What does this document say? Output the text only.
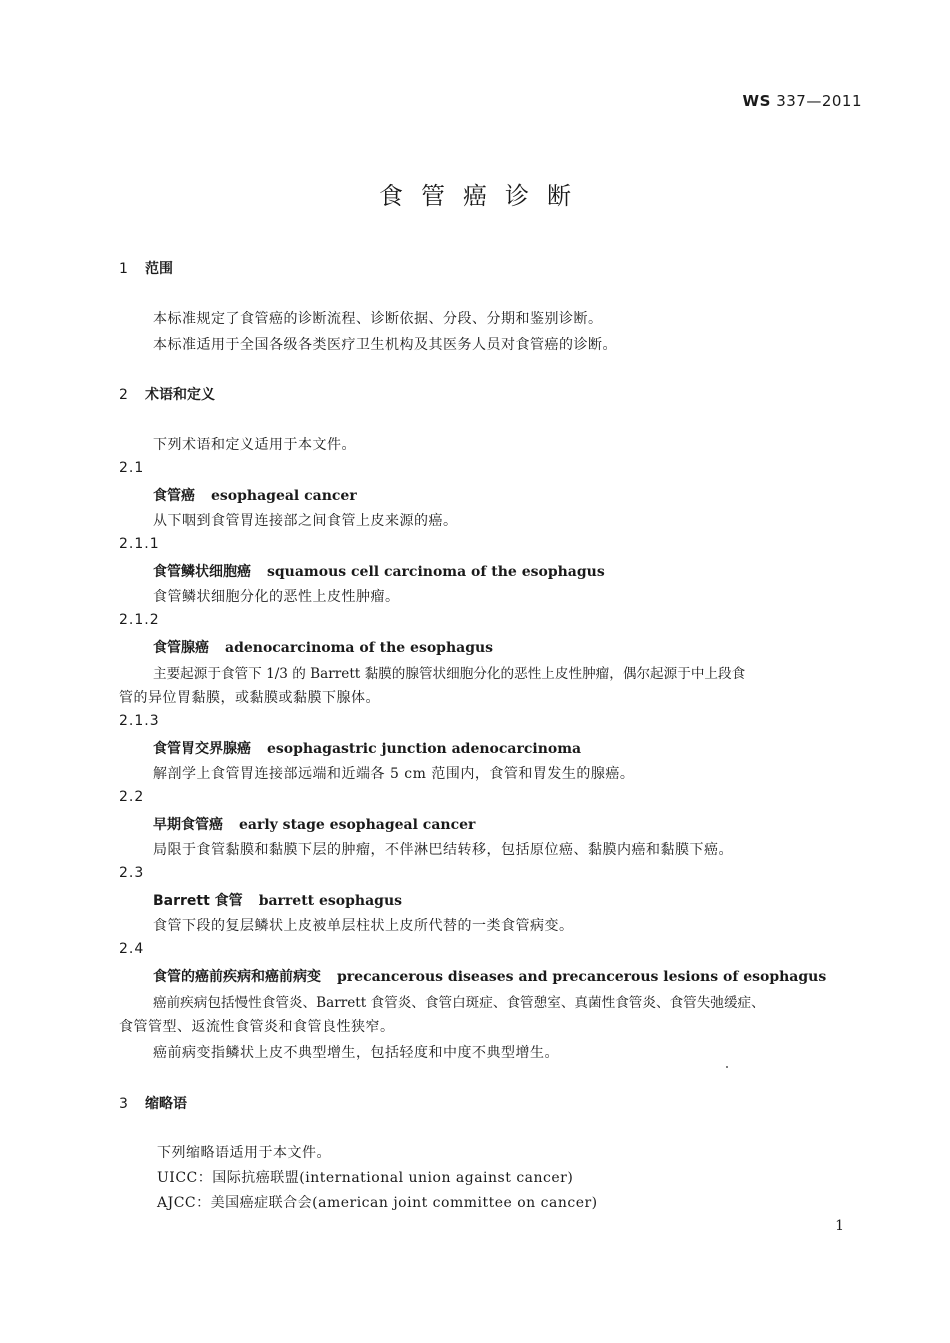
WS 337—2011
食管癌诊断
1 范围
本标准规定了食管癌的诊断流程、诊断依据、分段、分期和鉴别诊断。
本标准适用于全国各级各类医疗卫生机构及其医务人员对食管癌的诊断。
2 术语和定义
下列术语和定义适用于本文件。
2.1
食管癌 esophageal cancer
从下咽到食管胃连接部之间食管上皮来源的癌。
2.1.1
食管鳞状细胞癌 squamous cell carcinoma of the esophagus
食管鳞状细胞分化的恶性上皮性肿瘤。
2.1.2
食管腺癌 adenocarcinoma of the esophagus
主要起源于食管下 1/3 的 Barrett 黏膜的腺管状细胞分化的恶性上皮性肿瘤，偶尔起源于中上段食
管的异位胃黏膜，或黏膜或黏膜下腺体。
2.1.3
食管胃交界腺癌 esophagastric junction adenocarcinoma
解剖学上食管胃连接部远端和近端各 5 cm 范围内，食管和胃发生的腺癌。
2.2
早期食管癌 early stage esophageal cancer
局限于食管黏膜和黏膜下层的肿瘤，不伴淋巴结转移，包括原位癌、黏膜内癌和黏膜下癌。
2.3
Barrett 食管 barrett esophagus
食管下段的复层鳞状上皮被单层柱状上皮所代替的一类食管病变。
2.4
食管的癌前疾病和癌前病变 precancerous diseases and precancerous lesions of esophagus
癌前疾病包括慢性食管炎、Barrett 食管炎、食管白斑症、食管憩室、真菌性食管炎、食管失弛缓症、
食管管型、返流性食管炎和食管良性狭窄。
癌前病变指鳞状上皮不典型增生，包括轻度和中度不典型增生。
3 缩略语
下列缩略语适用于本文件。
UICC：国际抗癌联盟(international union against cancer)
AJCC：美国癌症联合会(american joint committee on cancer)
1
